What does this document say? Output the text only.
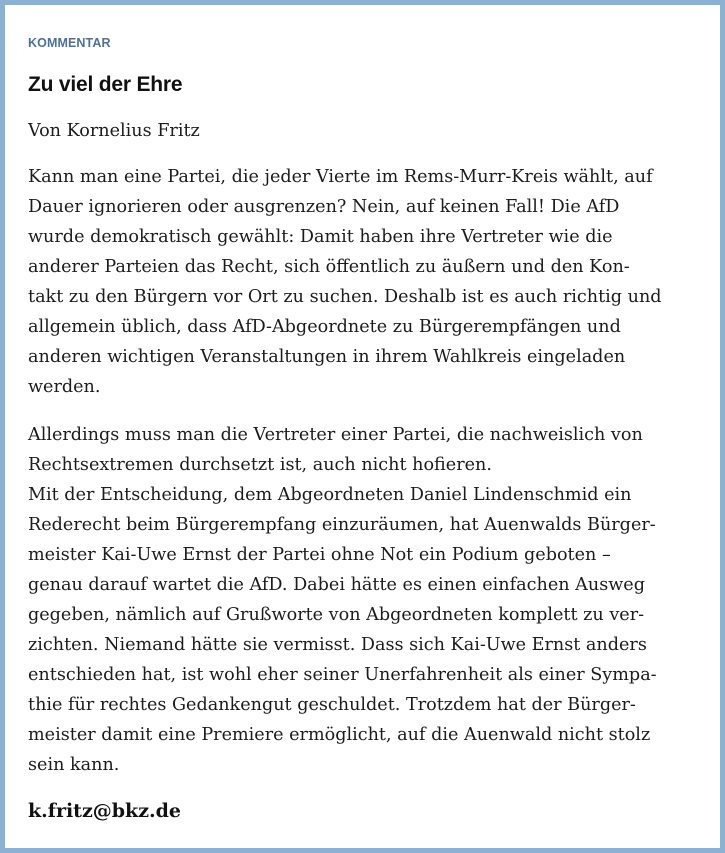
KOMMENTAR
Zu viel der Ehre

Von Kornelius Fritz

Kann man eine Partei, die jeder Vierte im Rems-Murr-Kreis wählt, auf
Dauer ignorieren oder ausgrenzen? Nein, auf keinen Fall! Die AfD
wurde demokratisch gewählt: Damit haben ihre Vertreter wie die
anderer Parteien das Recht, sich öffentlich zu äußern und den Kon-
takt zu den Bürgern vor Ort zu suchen. Deshalb ist es auch richtig und
allgemein üblich, dass AfD-Abgeordnete zu Bürgerempfängen und
anderen wichtigen Veranstaltungen in ihrem Wahlkreis eingeladen
werden.

Allerdings muss man die Vertreter einer Partei, die nachweislich von
Rechtsextremen durchsetzt ist, auch nicht hofieren.
Mit der Entscheidung, dem Abgeordneten Daniel Lindenschmid ein
Rederecht beim Bürgerempfang einzuräumen, hat Auenwalds Bürger-
meister Kai-Uwe Ernst der Partei ohne Not ein Podium geboten –
genau darauf wartet die AfD. Dabei hätte es einen einfachen Ausweg
gegeben, nämlich auf Grußworte von Abgeordneten komplett zu ver-
zichten. Niemand hätte sie vermisst. Dass sich Kai-Uwe Ernst anders
entschieden hat, ist wohl eher seiner Unerfahrenheit als einer Sympa-
thie für rechtes Gedankengut geschuldet. Trotzdem hat der Bürger-
meister damit eine Premiere ermöglicht, auf die Auenwald nicht stolz
sein kann.

k.fritz@bkz.de
